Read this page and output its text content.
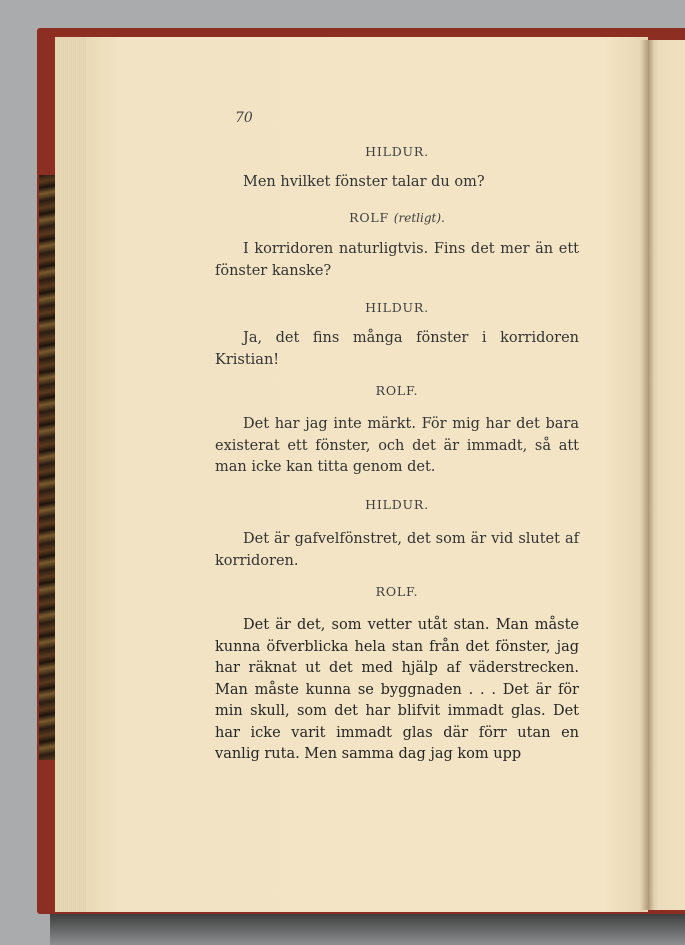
70
HILDUR.
Men hvilket fönster talar du om?
ROLF (retligt).
I korridoren naturligtvis. Fins det mer än ett fönster kanske?
HILDUR.
Ja, det fins många fönster i korridoren Kristian!
ROLF.
Det har jag inte märkt. För mig har det bara existerat ett fönster, och det är immadt, så att man icke kan titta genom det.
HILDUR.
Det är gafvelfönstret, det som är vid slutet af korridoren.
ROLF.
Det är det, som vetter utåt stan. Man måste kunna öfverblicka hela stan från det fönster, jag har räknat ut det med hjälp af väderstrecken. Man måste kunna se byggnaden . . . Det är för min skull, som det har blifvit immadt glas. Det har icke varit immadt glas där förr utan en vanlig ruta. Men samma dag jag kom upp
